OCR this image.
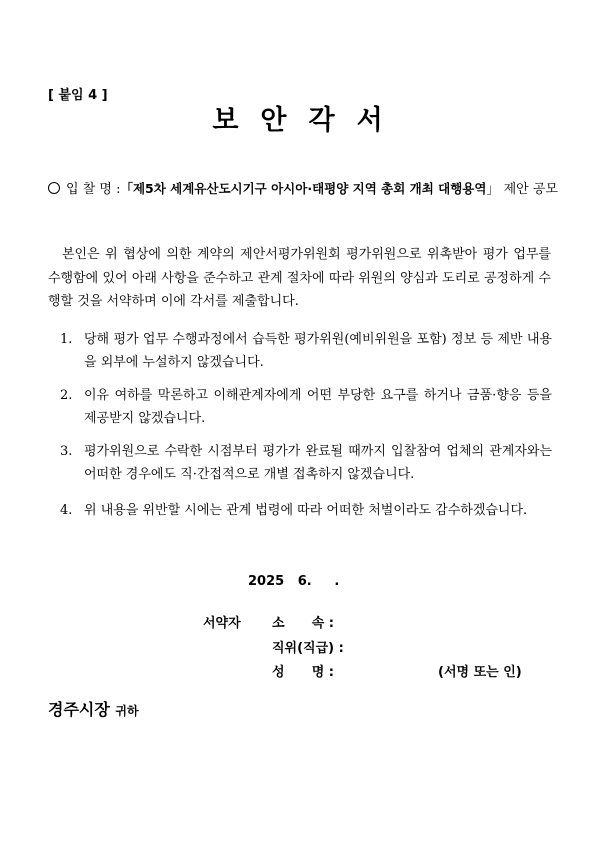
[ 붙임 4 ]
보안각서
입 찰 명 :「제5차 세계유산도시기구 아시아·태평양 지역 총회 개최 대행용역」 제안 공모
본인은 위 협상에 의한 계약의 제안서평가위원회 평가위원으로 위촉받아 평가 업무를 수행함에 있어 아래 사항을 준수하고 관계 절차에 따라 위원의 양심과 도리로 공정하게 수행할 것을 서약하며 이에 각서를 제출합니다.
1. 당해 평가 업무 수행과정에서 습득한 평가위원(예비위원을 포함) 정보 등 제반 내용을 외부에 누설하지 않겠습니다.
2. 이유 여하를 막론하고 이해관계자에게 어떤 부당한 요구를 하거나 금품·향응 등을 제공받지 않겠습니다.
3. 평가위원으로 수락한 시점부터 평가가 완료될 때까지 입찰참여 업체의 관계자와는 어떠한 경우에도 직·간접적으로 개별 접촉하지 않겠습니다.
4. 위 내용을 위반할 시에는 관계 법령에 따라 어떠한 처벌이라도 감수하겠습니다.
2025   6.     .
서약자 소      속 :
직위(직급) :
성      명 :	(서명 또는 인)
경주시장 귀하
